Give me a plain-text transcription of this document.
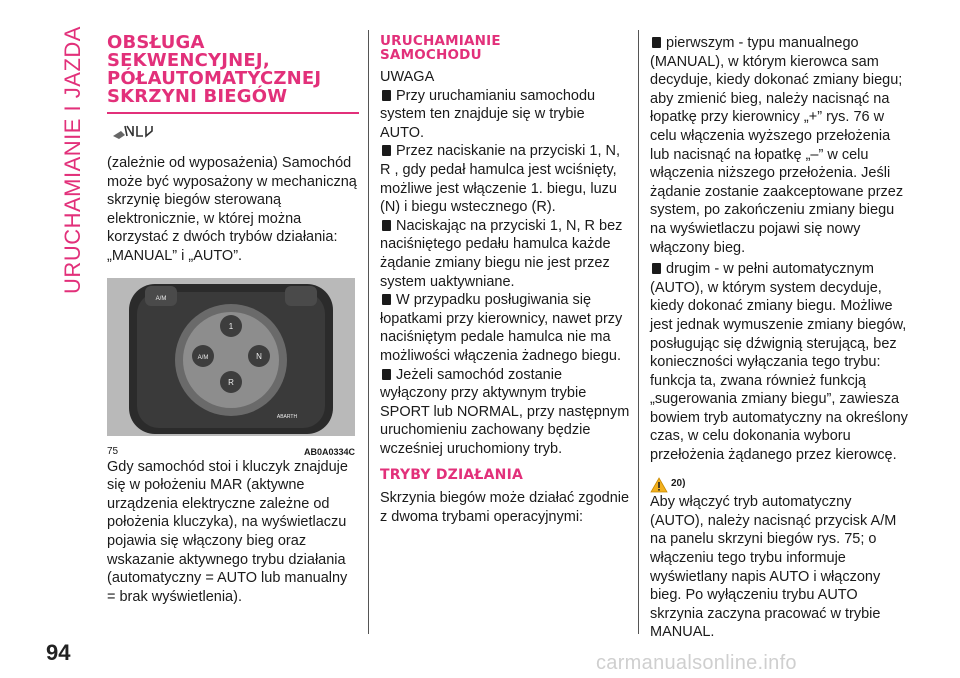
URUCHAMIANIE I JAZDA OBSŁUGA
SEKWENCYJNEJ,
PÓŁAUTOMATYCZNEJ
SKRZYNI BIEGÓW

(zależnie od wyposażenia) Samochód może być wyposażony w mechaniczną skrzynię biegów sterowaną elektronicznie, w której można korzystać z dwóch trybów działania: „MANUAL” i „AUTO”.

A/M
1
A/M	N
R
ABARTH
75	AB0A0334C

Gdy samochód stoi i kluczyk znajduje się w położeniu MAR (aktywne urządzenia elektryczne zależne od położenia kluczyka), na wyświetlaczu pojawia się włączony bieg oraz wskazanie aktywnego trybu działania (automatyczny = AUTO lub manualny = brak wyświetlenia).

URUCHAMIANIE
SAMOCHODU

UWAGA

Przy uruchamianiu samochodu system ten znajduje się w trybie AUTO.

Przez naciskanie na przyciski 1, N, R , gdy pedał hamulca jest wciśnięty, możliwe jest włączenie 1. biegu, luzu (N) i biegu wstecznego (R).

Naciskając na przyciski 1, N, R bez naciśniętego pedału hamulca każde żądanie zmiany biegu nie jest przez system uaktywniane.

W przypadku posługiwania się łopatkami przy kierownicy, nawet przy naciśniętym pedale hamulca nie ma możliwości włączenia żadnego biegu.

Jeżeli samochód zostanie wyłączony przy aktywnym trybie SPORT lub NORMAL, przy następnym uruchomieniu zachowany będzie wcześniej uruchomiony tryb.

TRYBY DZIAŁANIA

Skrzynia biegów może działać zgodnie z dwoma trybami operacyjnymi:

pierwszym - typu manualnego (MANUAL), w którym kierowca sam decyduje, kiedy dokonać zmiany biegu; aby zmienić bieg, należy nacisnąć na łopatkę przy kierownicy „+” rys. 76 w celu włączenia wyższego przełożenia lub nacisnąć na łopatkę „–” w celu włączenia niższego przełożenia. Jeśli żądanie zostanie zaakceptowane przez system, po zakończeniu zmiany biegu na wyświetlaczu pojawi się nowy włączony bieg.

drugim - w pełni automatycznym (AUTO), w którym system decyduje, kiedy dokonać zmiany biegu. Możliwe jest jednak wymuszenie zmiany biegów, posługując się dźwignią sterującą, bez konieczności wyłączania tego trybu: funkcja ta, zwana również funkcją „sugerowania zmiany biegu”, zawiesza bowiem tryb automatyczny na określony czas, w celu dokonania wyboru przełożenia żądanego przez kierowcę.

20)

Aby włączyć tryb automatyczny (AUTO), należy nacisnąć przycisk A/M na panelu skrzyni biegów rys. 75; o włączeniu tego trybu informuje wyświetlany napis AUTO i włączony bieg. Po wyłączeniu trybu AUTO skrzynia zaczyna pracować w trybie MANUAL.

94	carmanualsonline.info
